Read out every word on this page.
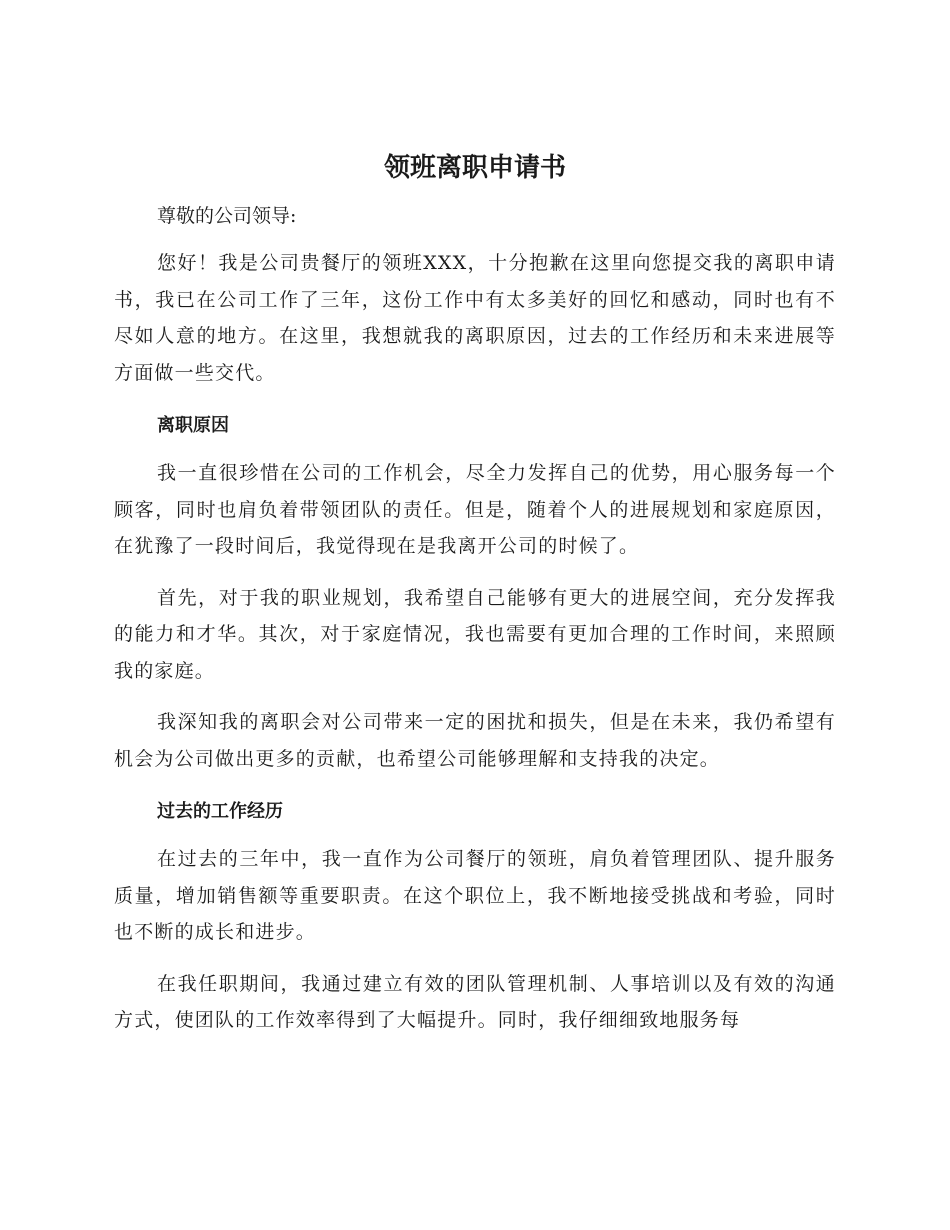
领班离职申请书

尊敬的公司领导:

您好！我是公司贵餐厅的领班XXX，十分抱歉在这里向您提交我的离职申请书，我已在公司工作了三年，这份工作中有太多美好的回忆和感动，同时也有不尽如人意的地方。在这里，我想就我的离职原因，过去的工作经历和未来进展等方面做一些交代。

离职原因

我一直很珍惜在公司的工作机会，尽全力发挥自己的优势，用心服务每一个顾客，同时也肩负着带领团队的责任。但是，随着个人的进展规划和家庭原因，在犹豫了一段时间后，我觉得现在是我离开公司的时候了。

首先，对于我的职业规划，我希望自己能够有更大的进展空间，充分发挥我的能力和才华。其次，对于家庭情况，我也需要有更加合理的工作时间，来照顾我的家庭。

我深知我的离职会对公司带来一定的困扰和损失，但是在未来，我仍希望有机会为公司做出更多的贡献，也希望公司能够理解和支持我的决定。

过去的工作经历

在过去的三年中，我一直作为公司餐厅的领班，肩负着管理团队、提升服务质量，增加销售额等重要职责。在这个职位上，我不断地接受挑战和考验，同时也不断的成长和进步。

在我任职期间，我通过建立有效的团队管理机制、人事培训以及有效的沟通方式，使团队的工作效率得到了大幅提升。同时，我仔细细致地服务每
